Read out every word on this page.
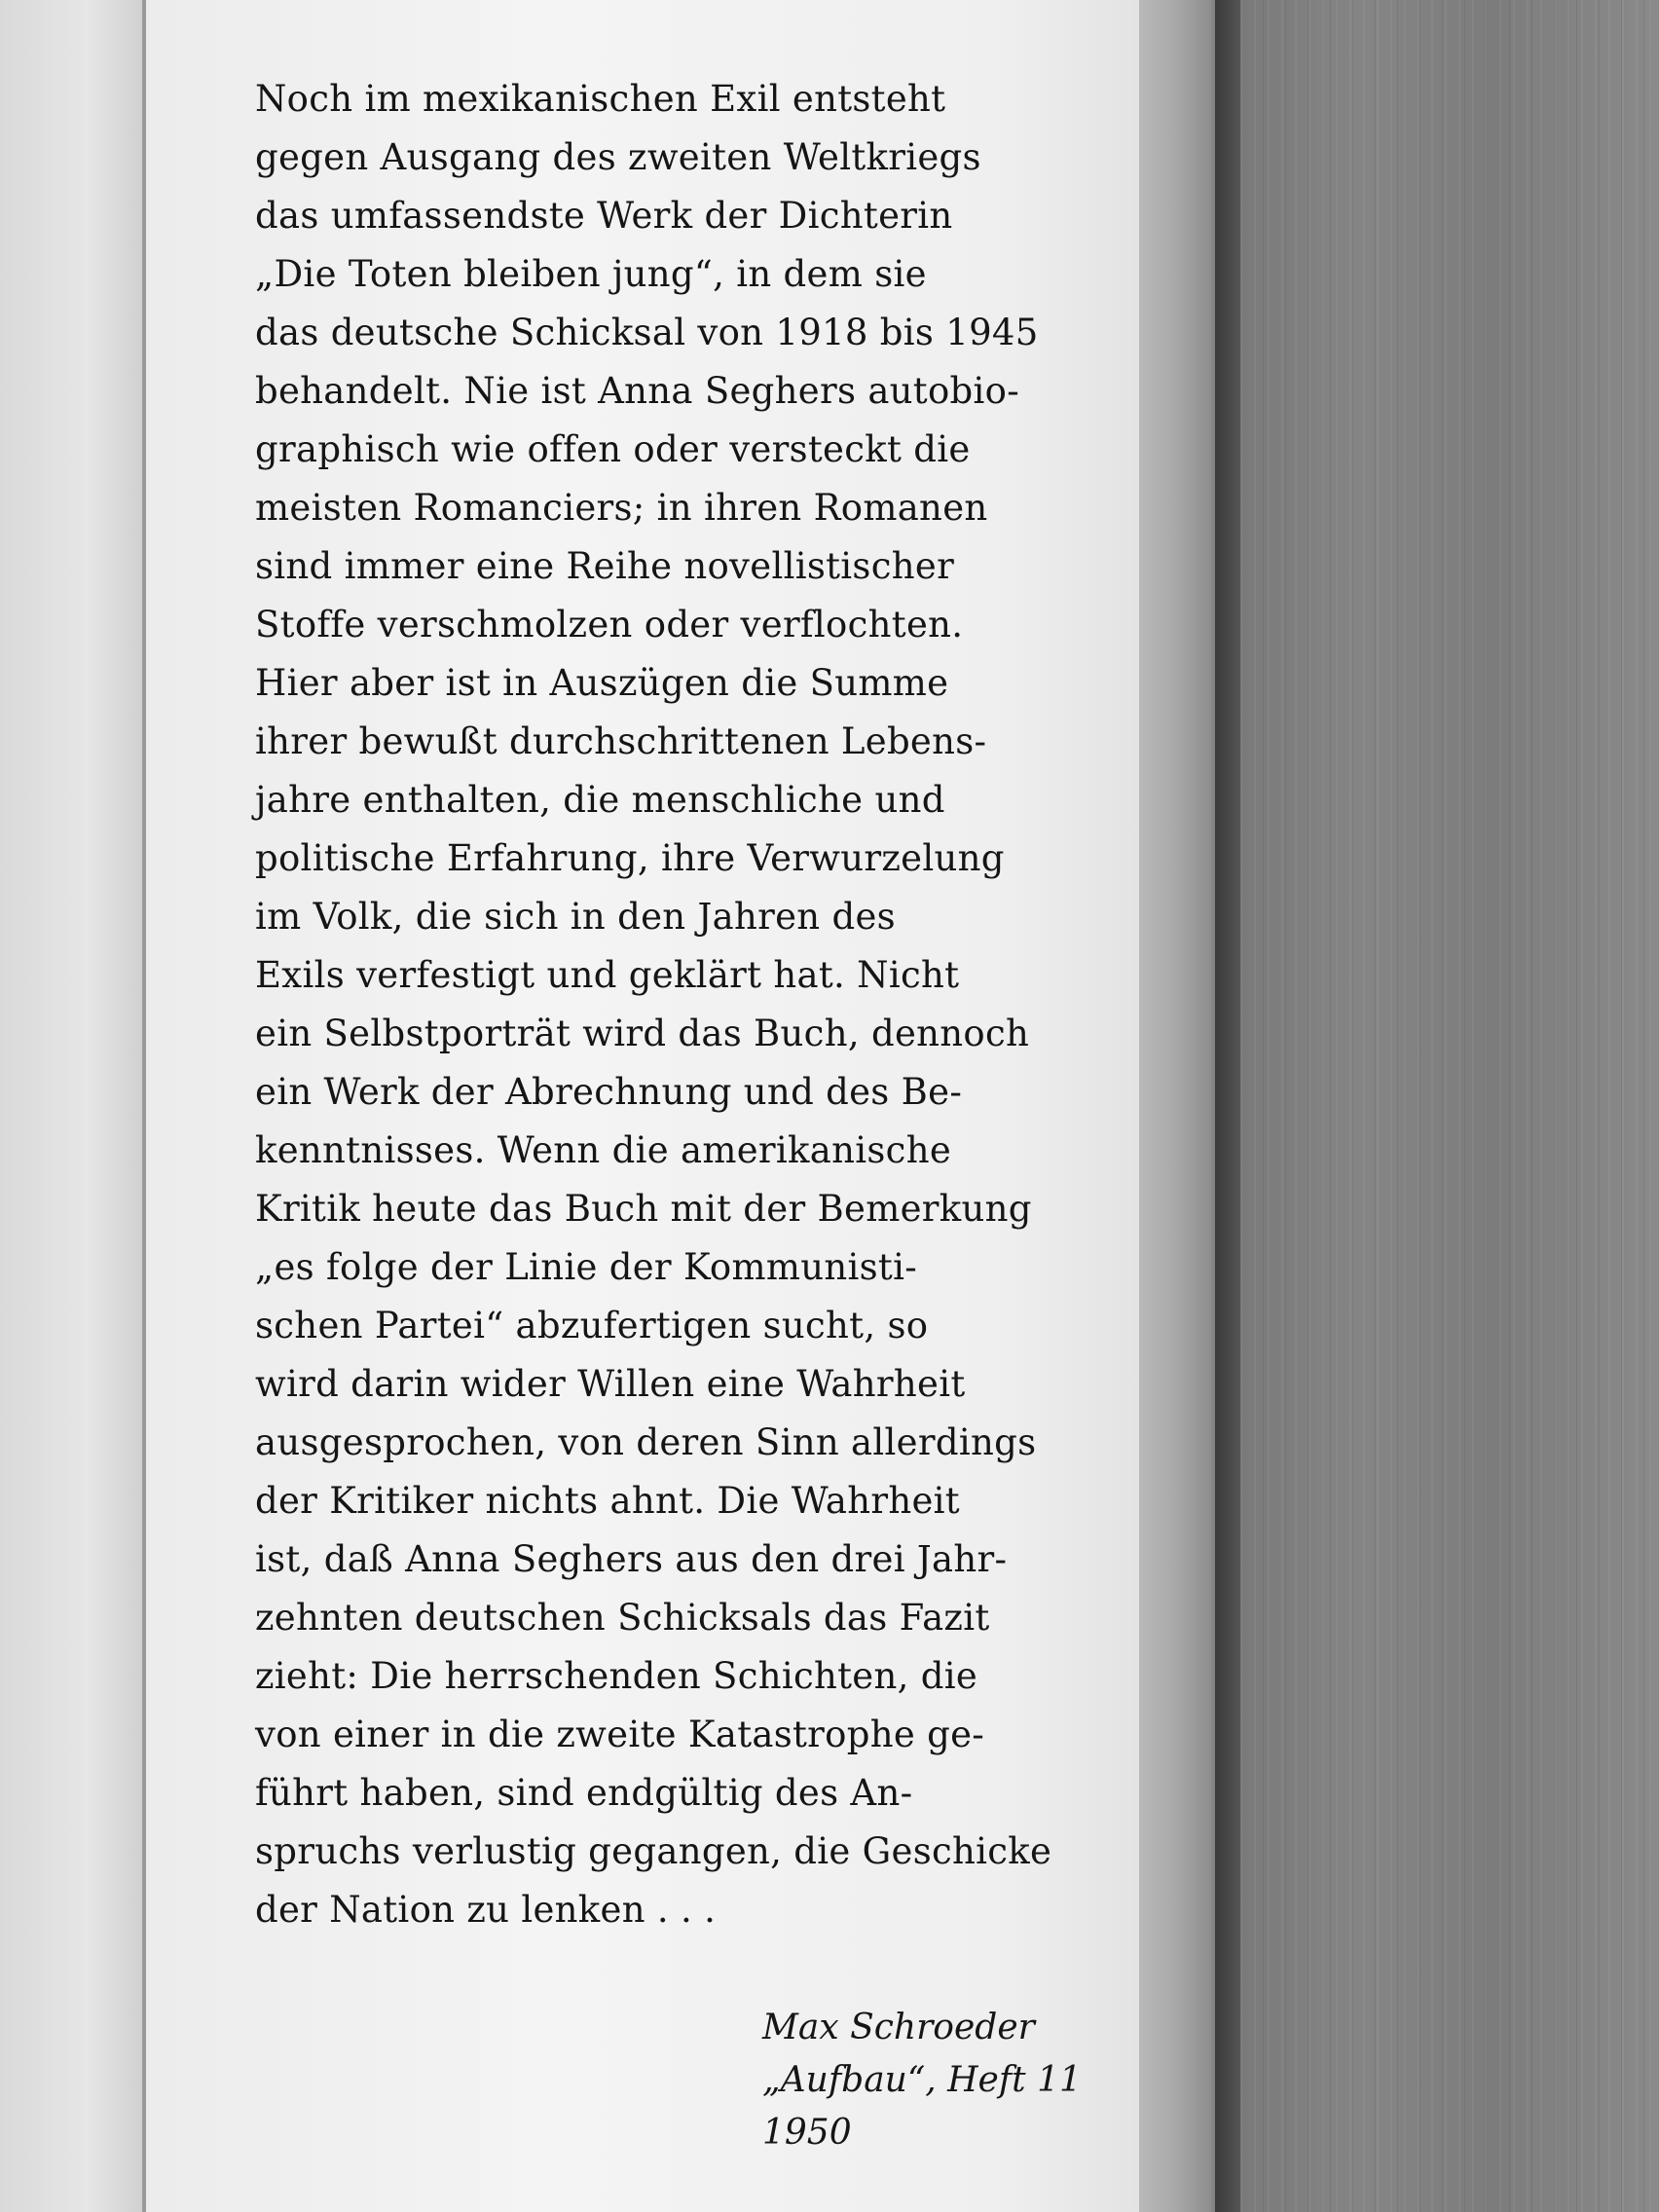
Noch im mexikanischen Exil entsteht
gegen Ausgang des zweiten Weltkriegs
das umfassendste Werk der Dichterin
„Die Toten bleiben jung“, in dem sie
das deutsche Schicksal von 1918 bis 1945
behandelt. Nie ist Anna Seghers autobio-
graphisch wie offen oder versteckt die
meisten Romanciers; in ihren Romanen
sind immer eine Reihe novellistischer
Stoffe verschmolzen oder verflochten.
Hier aber ist in Auszügen die Summe
ihrer bewußt durchschrittenen Lebens-
jahre enthalten, die menschliche und
politische Erfahrung, ihre Verwurzelung
im Volk, die sich in den Jahren des
Exils verfestigt und geklärt hat. Nicht
ein Selbstporträt wird das Buch, dennoch
ein Werk der Abrechnung und des Be-
kenntnisses. Wenn die amerikanische
Kritik heute das Buch mit der Bemerkung
„es folge der Linie der Kommunisti-
schen Partei“ abzufertigen sucht, so
wird darin wider Willen eine Wahrheit
ausgesprochen, von deren Sinn allerdings
der Kritiker nichts ahnt. Die Wahrheit
ist, daß Anna Seghers aus den drei Jahr-
zehnten deutschen Schicksals das Fazit
zieht: Die herrschenden Schichten, die
von einer in die zweite Katastrophe ge-
führt haben, sind endgültig des An-
spruchs verlustig gegangen, die Geschicke
der Nation zu lenken . . .
Max Schroeder
„Aufbau“, Heft 11
1950
